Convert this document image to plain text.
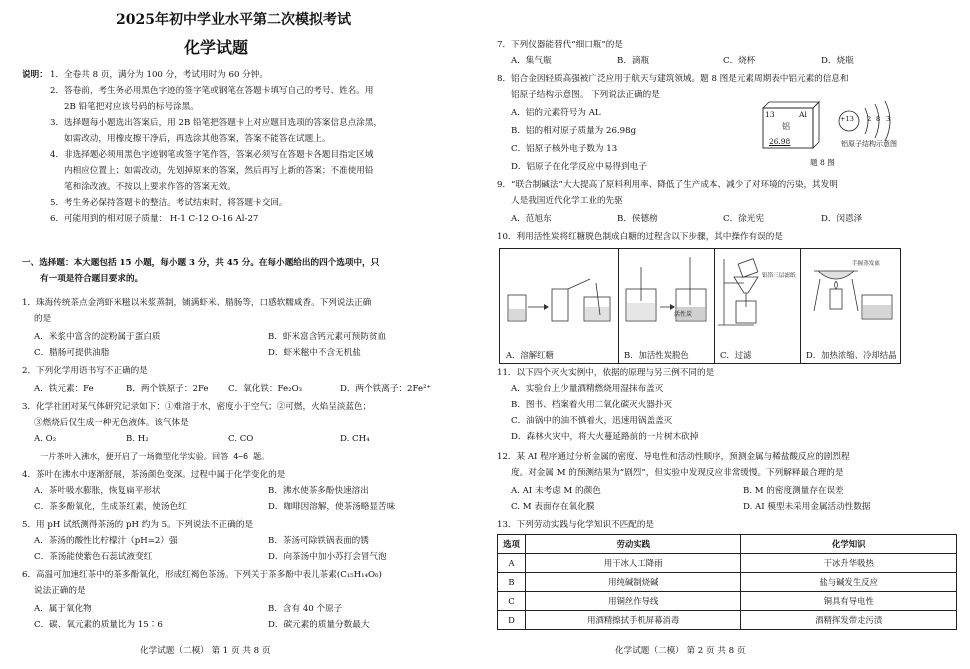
2025年初中学业水平第二次模拟考试
化学试题
说明： 1．全卷共 8 页，满分为 100 分，考试用时为 60 分钟。
2．答卷前，考生务必用黑色字迹的签字笔或钢笔在答题卡填写自己的考号、姓名。用
2B 铅笔把对应该号码的标号涂黑。
3．选择题每小题选出答案后，用 2B 铅笔把答题卡上对应题目选项的答案信息点涂黑，
如需改动，用橡皮擦干净后，再选涂其他答案，答案不能答在试题上。
4．非选择题必须用黑色字迹钢笔或签字笔作答，答案必须写在答题卡各题目指定区域
内相应位置上；如需改动，先划掉原来的答案，然后再写上新的答案；不准使用铅
笔和涂改液。不按以上要求作答的答案无效。
5．考生务必保持答题卡的整洁。考试结束时，将答题卡交回。
6．可能用到的相对原子质量： H-1 C-12 O-16 Al-27
一、选择题：本大题包括 15 小题，每小题 3 分，共 45 分。在每小题给出的四个选项中，只
有一项是符合题目要求的。
1．珠海传统茶点金湾虾米糍以米浆蒸制，铺满虾米、腊肠等，口感软糯咸香。下列说法正确
的是
A．米浆中富含的淀粉属于蛋白质	B．虾米富含钙元素可预防贫血
C．腊肠可提供油脂	D．虾米糍中不含无机盐
2．下列化学用语书写不正确的是
A．铁元素：Fe	B．两个铁原子：2Fe C．氧化铁：Fe₂O₃	D．两个铁离子：2Fe²⁺
3．化学社团对某气体研究记录如下：①难溶于水，密度小于空气；②可燃，火焰呈淡蓝色；
③燃烧后仅生成一种无色液体。该气体是
A. O₂	B. H₂	C. CO	D. CH₄
一片茶叶入沸水，便开启了一场微型化学实验。回答 4~6 题。
4．茶叶在沸水中逐渐舒展，茶汤颜色变深。过程中属于化学变化的是
A．茶叶吸水膨胀，恢复扁平形状	B．沸水使茶多酚快速溶出
C．茶多酚氧化，生成茶红素，使汤色红	D．咖啡因溶解，使茶汤略显苦味
5．用 pH 试纸测得茶汤的 pH 约为 5。下列说法不正确的是
A．茶汤的酸性比柠檬汁（pH=2）强	B．茶汤可除铁锅表面的锈
C．茶汤能使紫色石蕊试液变红	D．向茶汤中加小苏打会冒气泡
6．高温可加速红茶中的茶多酚氧化，形成红褐色茶汤。下列关于茶多酚中表儿茶素(C₁₅H₁₄O₆)
说法正确的是
A．属于氧化物	B．含有 40 个原子
C．碳、氧元素的质量比为 15∶6	D．碳元素的质量分数最大
化学试题（二模） 第 1 页 共 8 页
7．下列仪器能替代“细口瓶”的是
A．集气瓶	B．滴瓶	C．烧杯	D．烧瓶
8．铝合金因轻质高强被广泛应用于航天与建筑领域。题 8 图是元素周期表中铝元素的信息和
铝原子结构示意图。 下列说法正确的是
A．铝的元素符号为 AL
B．铝的相对原子质量为 26.98g
C．铝原子核外电子数为 13
D．铝原子在化学反应中易得到电子
13	Al
铝
26.98
+13 2 8 3
铝原子结构示意图
题 8 图
9．“联合制碱法”大大提高了原料利用率、降低了生产成本、减少了对环境的污染，其发明
人是我国近代化学工业的先驱
A．范旭东	B．侯德榜	C．徐光宪	D．闵恩泽
10．利用活性炭将红糖脱色制成白糖的过程含以下步骤，其中操作有误的是
A．溶解红糖
活性炭
B．加活性炭脱色
铝箔三层滤纸
C．过滤
手握蒸发皿
D．加热浓缩、冷却结晶
11．以下四个灭火实例中，依据的原理与另三例不同的是
A．实验台上少量酒精燃烧用湿抹布盖灭
B．图书、档案着火用二氧化碳灭火器扑灭
C．油锅中的油不慎着火，迅速用锅盖盖灭
D．森林火灾中，将大火蔓延路前的一片树木砍掉
12．某 AI 程序通过分析金属的密度、导电性和活动性顺序，预测金属与稀盐酸反应的剧烈程
度。对金属 M 的预测结果为“剧烈”，但实验中发现反应非常缓慢。下列解释最合理的是
A. AI 未考虑 M 的颜色	B. M 的密度测量存在误差
C. M 表面存在氧化膜	D. AI 模型未采用金属活动性数据
13．下列劳动实践与化学知识不匹配的是
选项	劳动实践	化学知识
A	用干冰人工降雨	干冰升华吸热
B	用纯碱制烧碱	盐与碱发生反应
C	用铜丝作导线	铜具有导电性
D	用酒精擦拭手机屏幕消毒	酒精挥发带走污渍
化学试题（二模） 第 2 页 共 8 页
